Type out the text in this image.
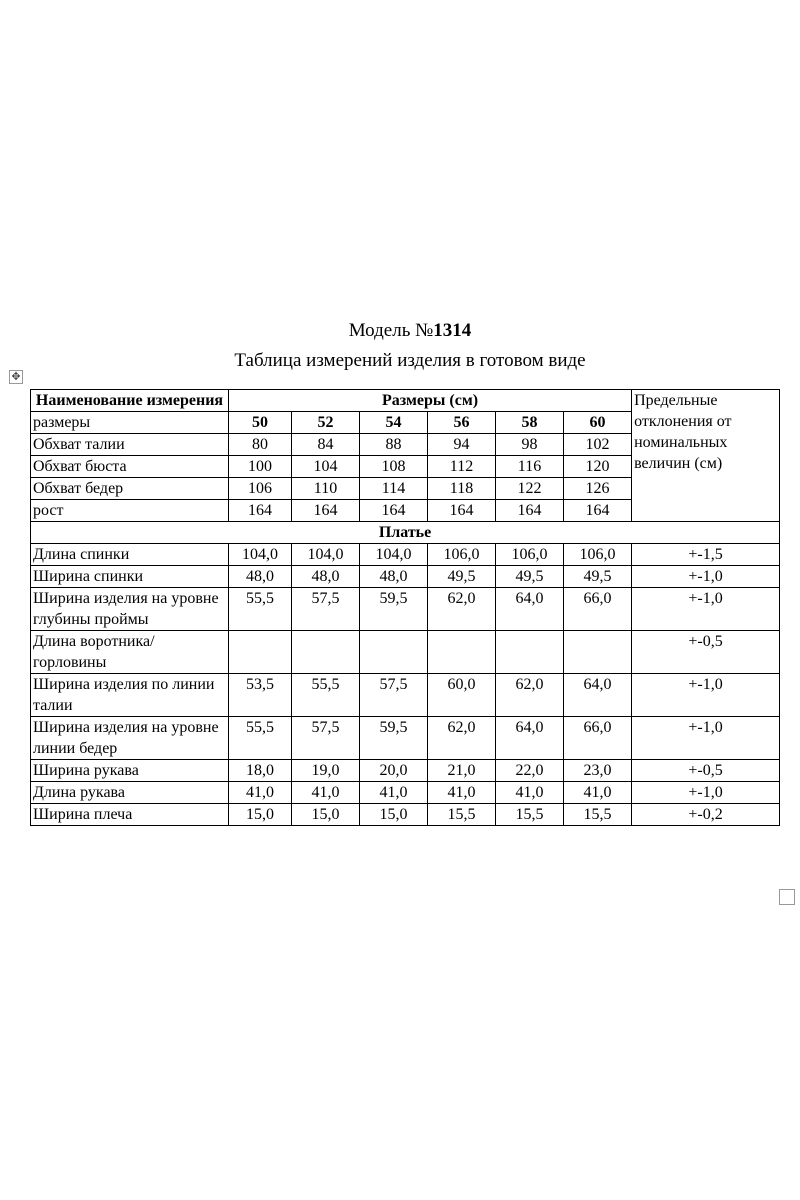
Модель №1314
Таблица измерений изделия в готовом виде
✥
Наименование измерения	Размеры (см)						Предельные отклонения от номинальных величин (см)
размеры	50	52	54	56	58	60	
Обхват талии	80	84	88	94	98	102	
Обхват бюста	100	104	108	112	116	120	
Обхват бедер	106	110	114	118	122	126	
рост	164	164	164	164	164	164	
Платье							
Длина спинки	104,0	104,0	104,0	106,0	106,0	106,0	+-1,5
Ширина спинки	48,0	48,0	48,0	49,5	49,5	49,5	+-1,0
Ширина изделия на уровне глубины проймы	55,5	57,5	59,5	62,0	64,0	66,0	+-1,0
Длина воротника/горловины							+-0,5
Ширина изделия по линии талии	53,5	55,5	57,5	60,0	62,0	64,0	+-1,0
Ширина изделия на уровне линии бедер	55,5	57,5	59,5	62,0	64,0	66,0	+-1,0
Ширина рукава	18,0	19,0	20,0	21,0	22,0	23,0	+-0,5
Длина рукава	41,0	41,0	41,0	41,0	41,0	41,0	+-1,0
Ширина плеча	15,0	15,0	15,0	15,5	15,5	15,5	+-0,2
